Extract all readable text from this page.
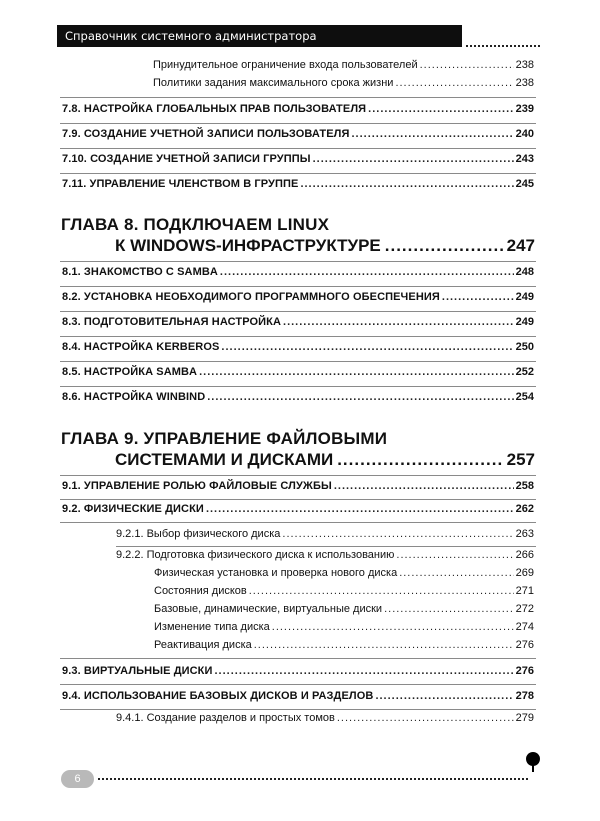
Справочник системного администратора
Принудительное ограничение входа пользователей .....	238
Политики задания максимального срока жизни .....	238
7.8. НАСТРОЙКА ГЛОБАЛЬНЫХ ПРАВ ПОЛЬЗОВАТЕЛЯ .....	239
7.9. СОЗДАНИЕ УЧЕТНОЙ ЗАПИСИ ПОЛЬЗОВАТЕЛЯ .....	240
7.10. СОЗДАНИЕ УЧЕТНОЙ ЗАПИСИ ГРУППЫ .....	243
7.11. УПРАВЛЕНИЕ ЧЛЕНСТВОМ В ГРУППЕ .....	245
ГЛАВА 8. ПОДКЛЮЧАЕМ LINUX
К WINDOWS-ИНФРАСТРУКТУРЕ .....	247
8.1. ЗНАКОМСТВО С SAMBA .....	248
8.2. УСТАНОВКА НЕОБХОДИМОГО ПРОГРАММНОГО ОБЕСПЕЧЕНИЯ .....	249
8.3. ПОДГОТОВИТЕЛЬНАЯ НАСТРОЙКА .....	249
8.4. НАСТРОЙКА KERBEROS .....	250
8.5. НАСТРОЙКА SAMBA .....	252
8.6. НАСТРОЙКА WINBIND .....	254
ГЛАВА 9. УПРАВЛЕНИЕ ФАЙЛОВЫМИ
СИСТЕМАМИ И ДИСКАМИ .....	257
9.1. УПРАВЛЕНИЕ РОЛЬЮ ФАЙЛОВЫЕ СЛУЖБЫ .....	258
9.2. ФИЗИЧЕСКИЕ ДИСКИ .....	262
9.2.1. Выбор физического диска .....	263
9.2.2. Подготовка физического диска к использованию .....	266
Физическая установка и проверка нового диска .....	269
Состояния дисков .....	271
Базовые, динамические, виртуальные диски .....	272
Изменение типа диска .....	274
Реактивация диска .....	276
9.3. ВИРТУАЛЬНЫЕ ДИСКИ .....	276
9.4. ИСПОЛЬЗОВАНИЕ БАЗОВЫХ ДИСКОВ И РАЗДЕЛОВ .....	278
9.4.1. Создание разделов и простых томов .....	279
6
